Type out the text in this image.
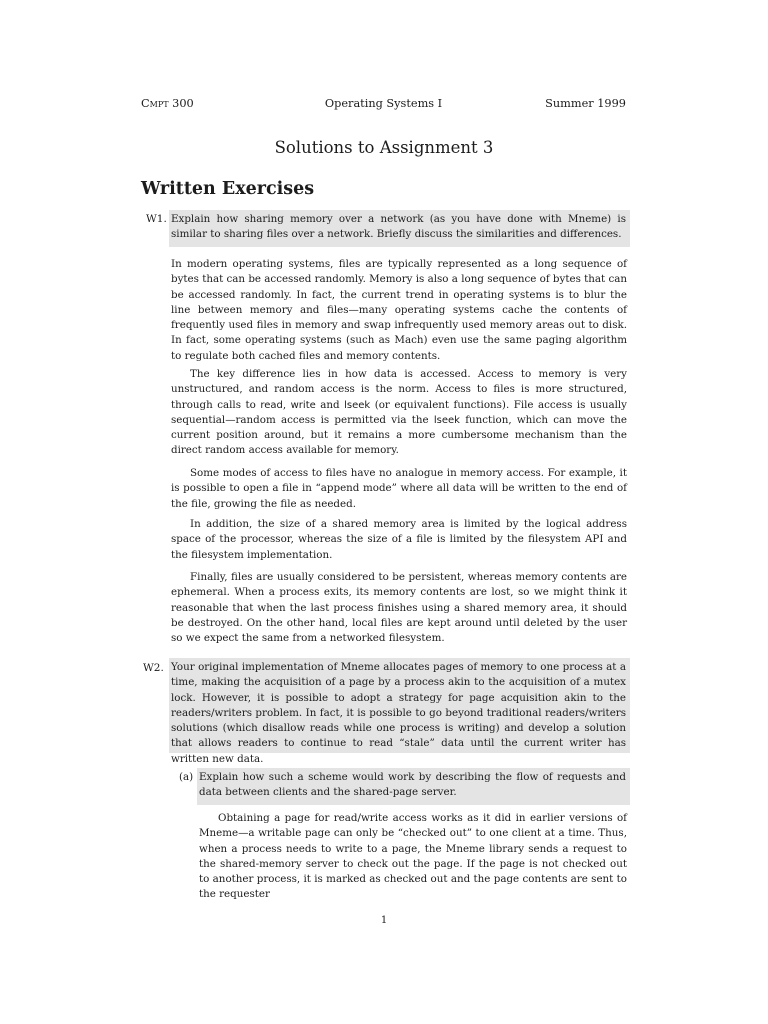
Cmpt 300	Operating Systems I	Summer 1999
Solutions to Assignment 3
Written Exercises
W1. Explain how sharing memory over a network (as you have done with Mneme) is similar to sharing files over a network. Briefly discuss the similarities and differences.

In modern operating systems, files are typically represented as a long sequence of bytes that can be accessed randomly. Memory is also a long sequence of bytes that can be accessed randomly. In fact, the current trend in operating systems is to blur the line between memory and files—many operating systems cache the contents of frequently used files in memory and swap infrequently used memory areas out to disk. In fact, some operating systems (such as Mach) even use the same paging algorithm to regulate both cached files and memory contents.

The key difference lies in how data is accessed. Access to memory is very unstructured, and random access is the norm. Access to files is more structured, through calls to read, write and lseek (or equivalent functions). File access is usually sequential—random access is permitted via the lseek function, which can move the current position around, but it remains a more cumbersome mechanism than the direct random access available for memory.

Some modes of access to files have no analogue in memory access. For example, it is possible to open a file in “append mode” where all data will be written to the end of the file, growing the file as needed.

In addition, the size of a shared memory area is limited by the logical address space of the processor, whereas the size of a file is limited by the filesystem API and the filesystem implementation.

Finally, files are usually considered to be persistent, whereas memory contents are ephemeral. When a process exits, its memory contents are lost, so we might think it reasonable that when the last process finishes using a shared memory area, it should be destroyed. On the other hand, local files are kept around until deleted by the user so we expect the same from a networked filesystem.

W2. Your original implementation of Mneme allocates pages of memory to one process at a time, making the acquisition of a page by a process akin to the acquisition of a mutex lock. However, it is possible to adopt a strategy for page acquisition akin to the readers/writers problem. In fact, it is possible to go beyond traditional readers/writers solutions (which disallow reads while one process is writing) and develop a solution that allows readers to continue to read “stale” data until the current writer has written new data.
(a) Explain how such a scheme would work by describing the flow of requests and data between clients and the shared-page server.

Obtaining a page for read/write access works as it did in earlier versions of Mneme—a writable page can only be “checked out” to one client at a time. Thus, when a process needs to write to a page, the Mneme library sends a request to the shared-memory server to check out the page. If the page is not checked out to another process, it is marked as checked out and the page contents are sent to the requester

1
